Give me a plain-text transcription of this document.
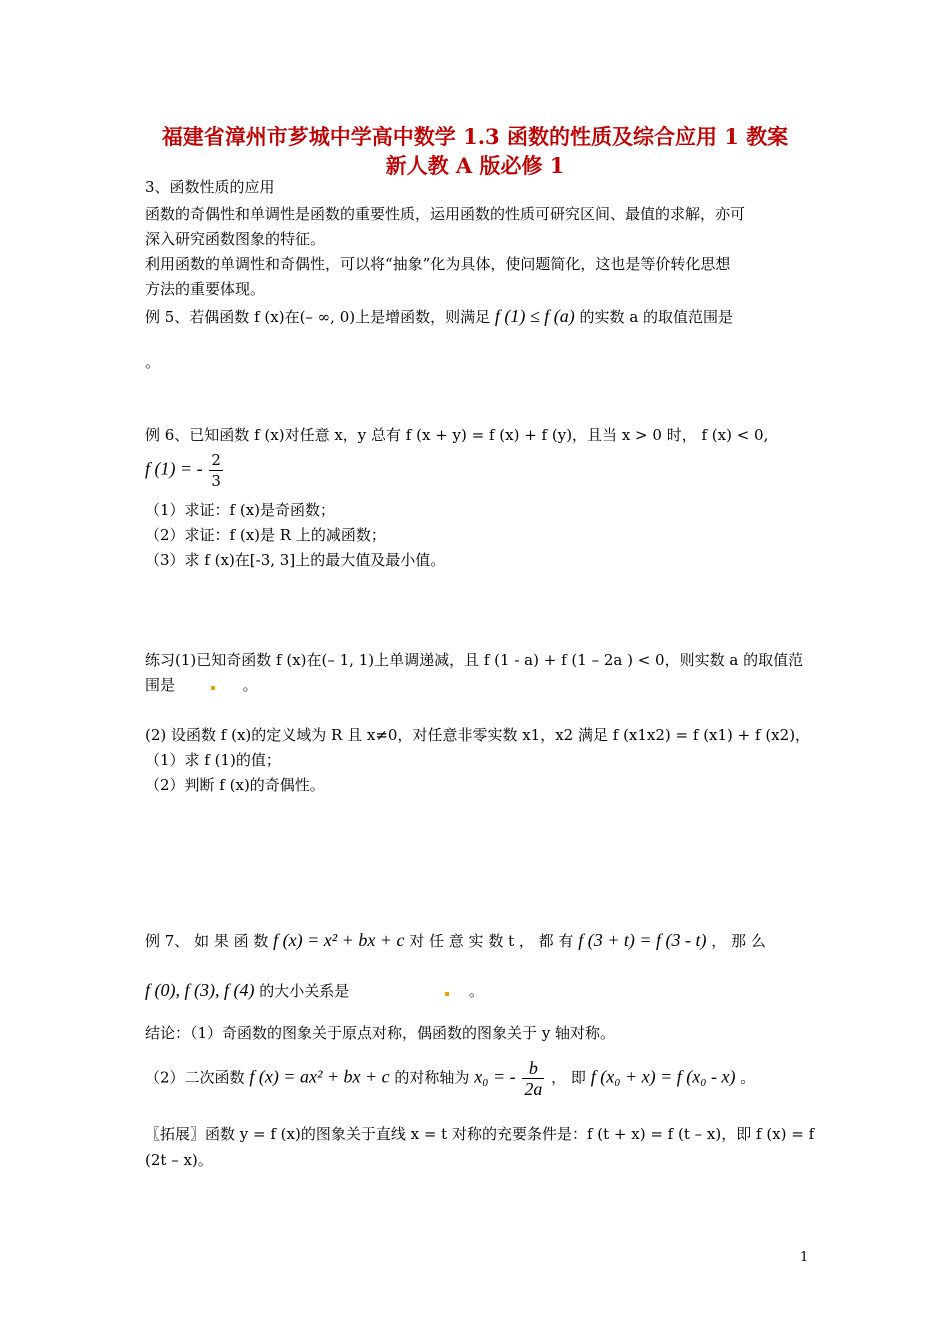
福建省漳州市芗城中学高中数学 1.3 函数的性质及综合应用 1 教案
新人教 A 版必修 1
3、函数性质的应用
函数的奇偶性和单调性是函数的重要性质，运用函数的性质可研究区间、最值的求解，亦可
深入研究函数图象的特征。
利用函数的单调性和奇偶性，可以将“抽象”化为具体，使问题简化，这也是等价转化思想
方法的重要体现。
例 5、若偶函数 f (x)在(– ∞, 0)上是增函数，则满足 f (1) ≤ f (a) 的实数 a 的取值范围是
。
例 6、已知函数 f (x)对任意 x，y 总有 f (x + y) = f (x) + f (y)，且当 x > 0 时， f (x) < 0,
f (1) = - $\frac{2}{3}$
（1）求证：f (x)是奇函数；
（2）求证：f (x)是 R 上的减函数；
（3）求 f (x)在[-3, 3]上的最大值及最小值。
练习(1)已知奇函数 f (x)在(– 1, 1)上单调递减，且 f (1 - a) + f (1 – 2a ) < 0，则实数 a 的取值范
围是	。
(2) 设函数 f (x)的定义域为 R 且 x≠0，对任意非零实数 x1，x2 满足 f (x1x2) = f (x1) + f (x2)，
（1）求 f (1)的值；
（2）判断 f (x)的奇偶性。
例 7、 如 果 函 数 f (x) = x² + bx + c 对 任 意 实 数 t ， 都 有 f (3 + t) = f (3 - t) ， 那 么
f (0), f (3), f (4) 的大小关系是	。
结论：（1）奇函数的图象关于原点对称，偶函数的图象关于 y 轴对称。
（2）二次函数 f (x) = ax² + bx + c 的对称轴为 x₀ = - $\frac{b}{2a}$ ， 即 f (x₀ + x) = f (x₀ - x) 。
〖拓展〗函数 y = f (x)的图象关于直线 x = t 对称的充要条件是：f (t + x) = f (t – x)，即 f (x) = f
(2t – x)。
1
